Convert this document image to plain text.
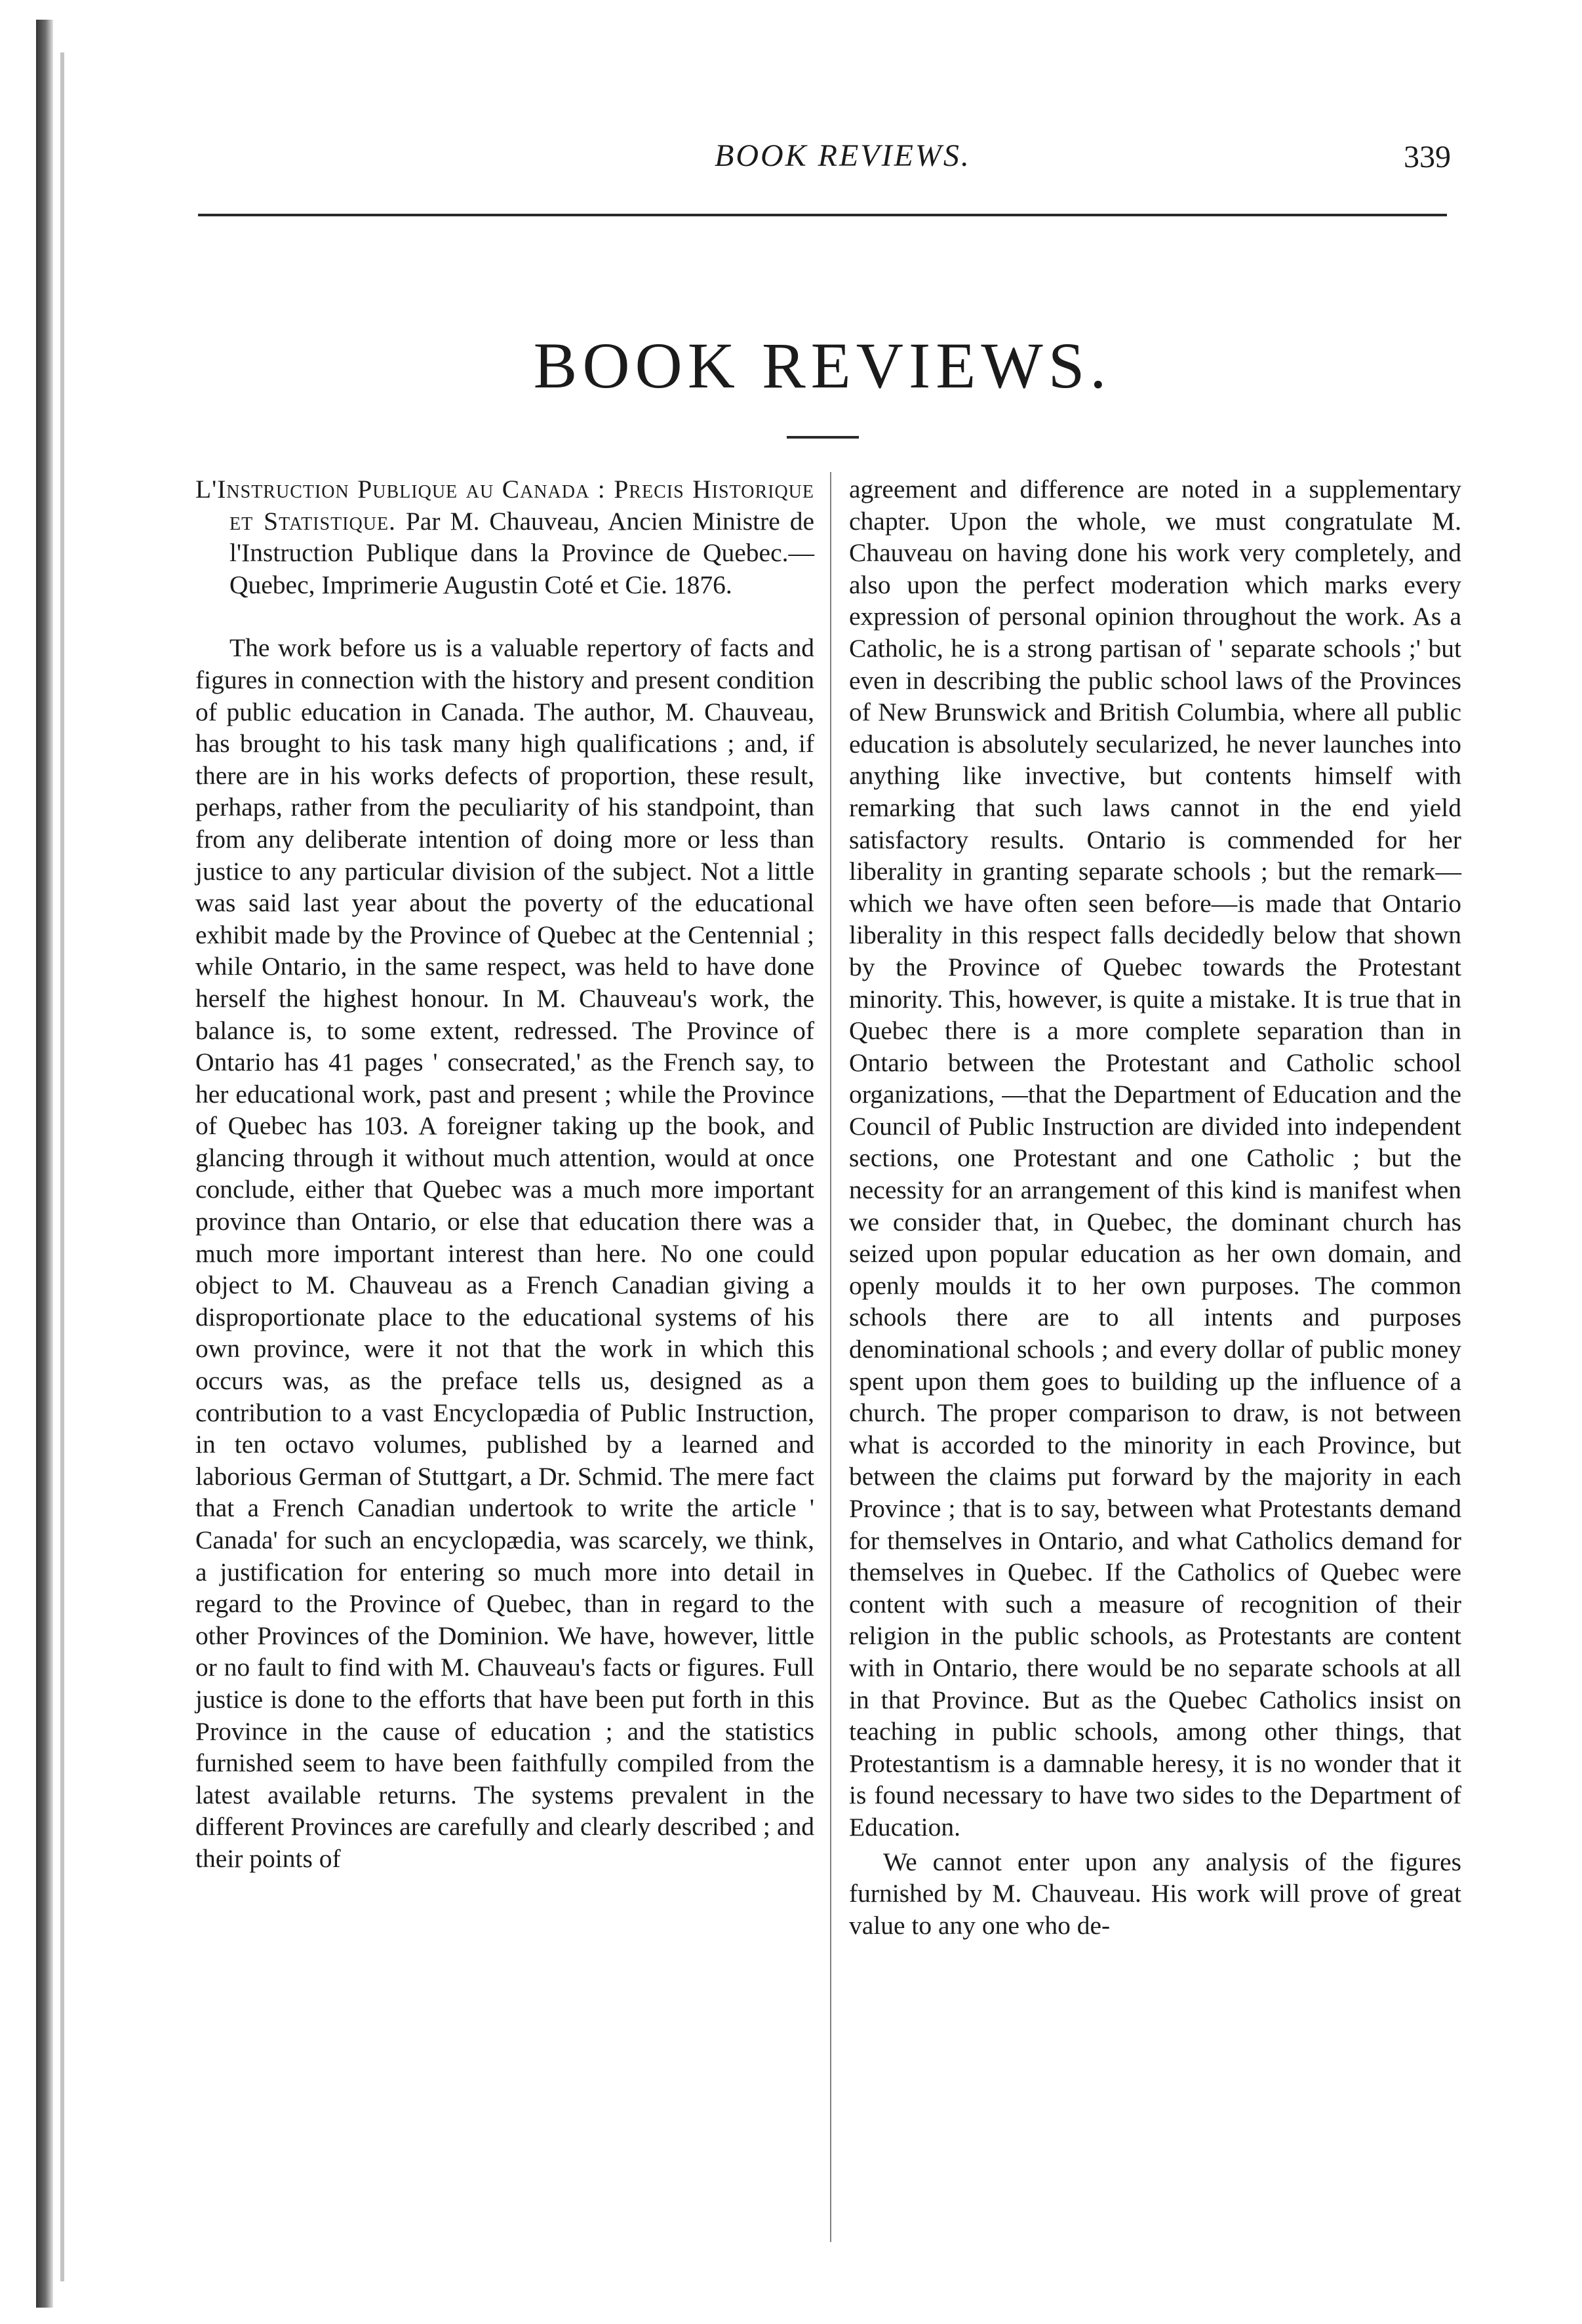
BOOK REVIEWS.	339
BOOK REVIEWS.

L'Instruction Publique au Canada : Precis Historique et Statistique. Par M. Chauveau, Ancien Ministre de l'Instruction Publique dans la Province de Quebec.—Quebec, Imprimerie Augustin Coté et Cie. 1876.

The work before us is a valuable repertory of facts and figures in connection with the history and present condition of public education in Canada. The author, M. Chauveau, has brought to his task many high qualifications ; and, if there are in his works defects of proportion, these result, perhaps, rather from the peculiarity of his standpoint, than from any deliberate intention of doing more or less than justice to any particular division of the subject. Not a little was said last year about the poverty of the educational exhibit made by the Province of Quebec at the Centennial ; while Ontario, in the same respect, was held to have done herself the highest honour. In M. Chauveau's work, the balance is, to some extent, redressed. The Province of Ontario has 41 pages ' consecrated,' as the French say, to her educational work, past and present ; while the Province of Quebec has 103. A foreigner taking up the book, and glancing through it without much attention, would at once conclude, either that Quebec was a much more important province than Ontario, or else that education there was a much more important interest than here. No one could object to M. Chauveau as a French Canadian giving a disproportionate place to the educational systems of his own province, were it not that the work in which this occurs was, as the preface tells us, designed as a contribution to a vast Encyclopædia of Public Instruction, in ten octavo volumes, published by a learned and laborious German of Stuttgart, a Dr. Schmid. The mere fact that a French Canadian undertook to write the article ' Canada' for such an encyclopædia, was scarcely, we think, a justification for entering so much more into detail in regard to the Province of Quebec, than in regard to the other Provinces of the Dominion. We have, however, little or no fault to find with M. Chauveau's facts or figures. Full justice is done to the efforts that have been put forth in this Province in the cause of education ; and the statistics furnished seem to have been faithfully compiled from the latest available returns. The systems prevalent in the different Provinces are carefully and clearly described ; and their points of

agreement and difference are noted in a supplementary chapter. Upon the whole, we must congratulate M. Chauveau on having done his work very completely, and also upon the perfect moderation which marks every expression of personal opinion throughout the work. As a Catholic, he is a strong partisan of ' separate schools ;' but even in describing the public school laws of the Provinces of New Brunswick and British Columbia, where all public education is absolutely secularized, he never launches into anything like invective, but contents himself with remarking that such laws cannot in the end yield satisfactory results. Ontario is commended for her liberality in granting separate schools ; but the remark—which we have often seen before—is made that Ontario liberality in this respect falls decidedly below that shown by the Province of Quebec towards the Protestant minority. This, however, is quite a mistake. It is true that in Quebec there is a more complete separation than in Ontario between the Protestant and Catholic school organizations, —that the Department of Education and the Council of Public Instruction are divided into independent sections, one Protestant and one Catholic ; but the necessity for an arrangement of this kind is manifest when we consider that, in Quebec, the dominant church has seized upon popular education as her own domain, and openly moulds it to her own purposes. The common schools there are to all intents and purposes denominational schools ; and every dollar of public money spent upon them goes to building up the influence of a church. The proper comparison to draw, is not between what is accorded to the minority in each Province, but between the claims put forward by the majority in each Province ; that is to say, between what Protestants demand for themselves in Ontario, and what Catholics demand for themselves in Quebec. If the Catholics of Quebec were content with such a measure of recognition of their religion in the public schools, as Protestants are content with in Ontario, there would be no separate schools at all in that Province. But as the Quebec Catholics insist on teaching in public schools, among other things, that Protestantism is a damnable heresy, it is no wonder that it is found necessary to have two sides to the Department of Education.

We cannot enter upon any analysis of the figures furnished by M. Chauveau. His work will prove of great value to any one who de-
